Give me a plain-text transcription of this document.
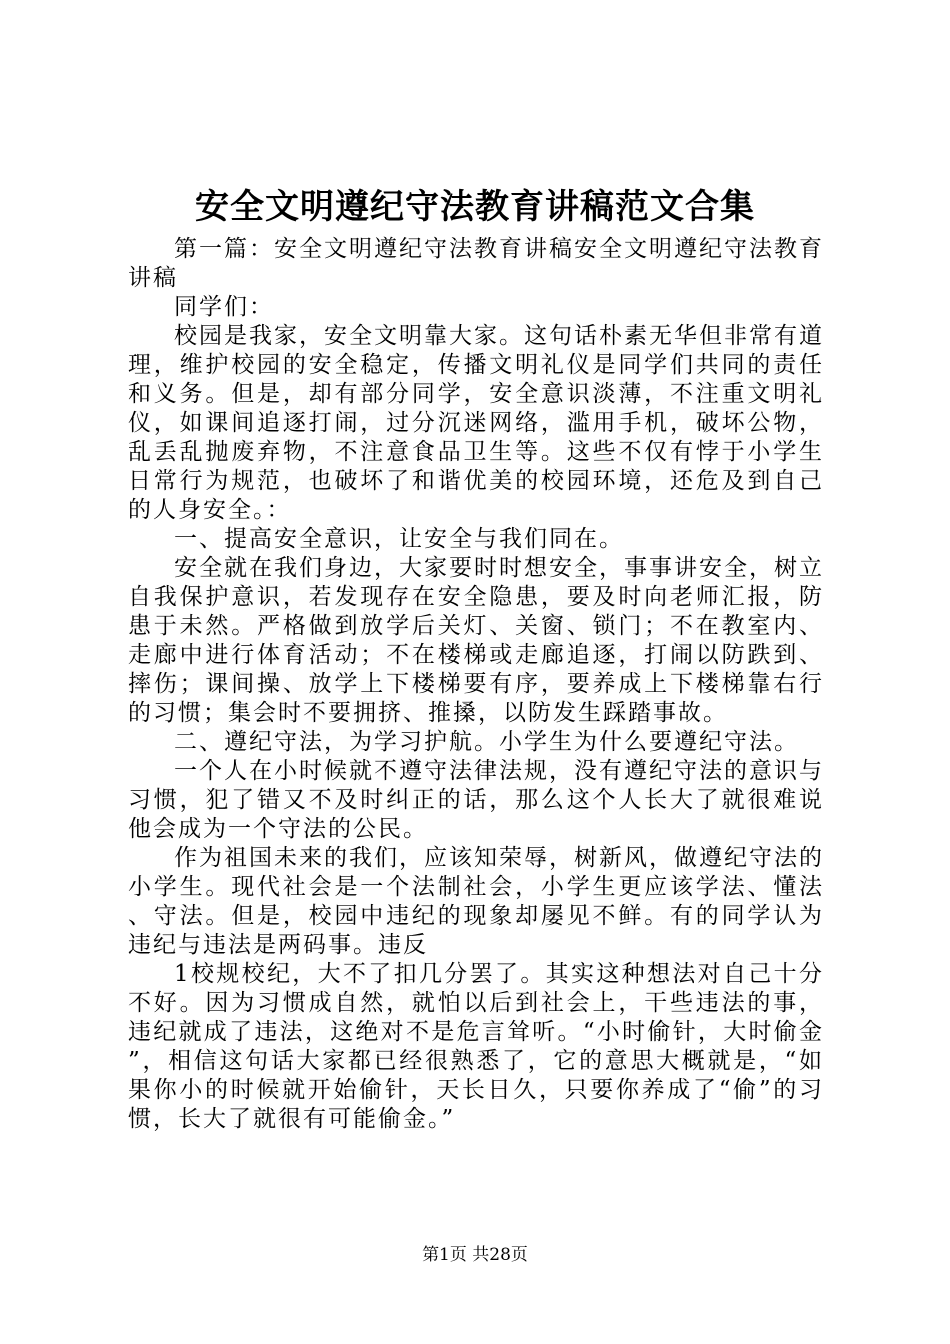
安全文明遵纪守法教育讲稿范文合集

第一篇：安全文明遵纪守法教育讲稿安全文明遵纪守法教育讲稿

同学们：

校园是我家，安全文明靠大家。这句话朴素无华但非常有道理，维护校园的安全稳定，传播文明礼仪是同学们共同的责任和义务。但是，却有部分同学，安全意识淡薄，不注重文明礼仪，如课间追逐打闹，过分沉迷网络，滥用手机，破坏公物，乱丢乱抛废弃物，不注意食品卫生等。这些不仅有悖于小学生日常行为规范，也破坏了和谐优美的校园环境，还危及到自己的人身安全。：

一、提高安全意识，让安全与我们同在。

安全就在我们身边，大家要时时想安全，事事讲安全，树立自我保护意识，若发现存在安全隐患，要及时向老师汇报，防患于未然。严格做到放学后关灯、关窗、锁门；不在教室内、走廊中进行体育活动；不在楼梯或走廊追逐，打闹以防跌到、摔伤；课间操、放学上下楼梯要有序，要养成上下楼梯靠右行的习惯；集会时不要拥挤、推搡，以防发生踩踏事故。

二、遵纪守法，为学习护航。小学生为什么要遵纪守法。

一个人在小时候就不遵守法律法规，没有遵纪守法的意识与习惯，犯了错又不及时纠正的话，那么这个人长大了就很难说他会成为一个守法的公民。

作为祖国未来的我们，应该知荣辱，树新风，做遵纪守法的小学生。现代社会是一个法制社会，小学生更应该学法、懂法、守法。但是，校园中违纪的现象却屡见不鲜。有的同学认为违纪与违法是两码事。违反

1校规校纪，大不了扣几分罢了。其实这种想法对自己十分不好。因为习惯成自然，就怕以后到社会上，干些违法的事，违纪就成了违法，这绝对不是危言耸听。“小时偷针，大时偷金”，相信这句话大家都已经很熟悉了，它的意思大概就是，“如果你小的时候就开始偷针，天长日久，只要你养成了“偷”的习惯，长大了就很有可能偷金。”

第1页 共28页
